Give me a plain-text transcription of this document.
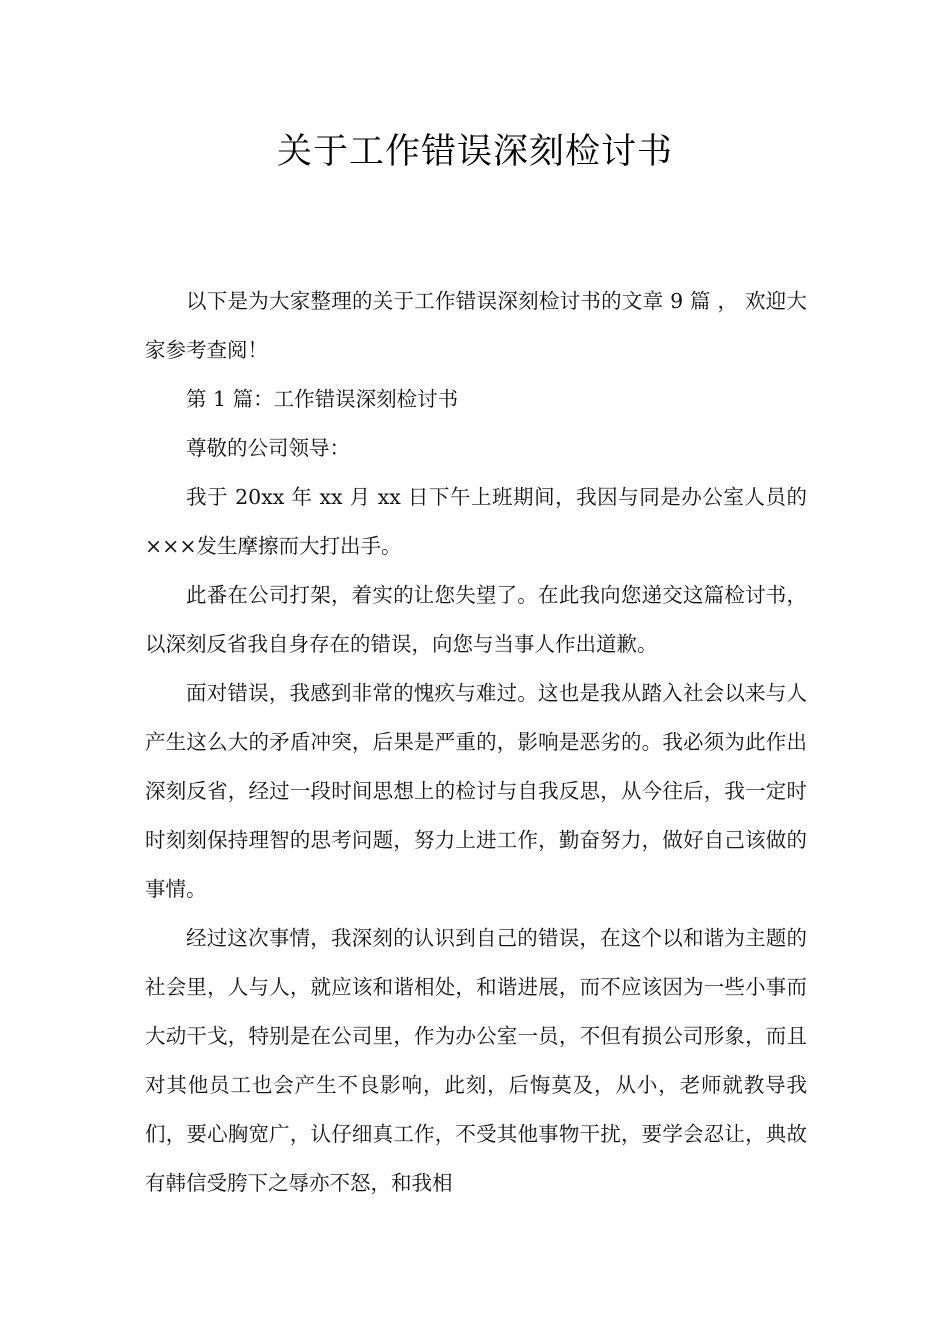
关于工作错误深刻检讨书

以下是为大家整理的关于工作错误深刻检讨书的文章 9 篇 ， 欢迎大家参考查阅！

第 1 篇：工作错误深刻检讨书

尊敬的公司领导：

我于 20xx 年 xx 月 xx 日下午上班期间，我因与同是办公室人员的×××发生摩擦而大打出手。

此番在公司打架，着实的让您失望了。在此我向您递交这篇检讨书，以深刻反省我自身存在的错误，向您与当事人作出道歉。

面对错误，我感到非常的愧疚与难过。这也是我从踏入社会以来与人产生这么大的矛盾冲突，后果是严重的，影响是恶劣的。我必须为此作出深刻反省，经过一段时间思想上的检讨与自我反思，从今往后，我一定时时刻刻保持理智的思考问题，努力上进工作，勤奋努力，做好自己该做的事情。

经过这次事情，我深刻的认识到自己的错误，在这个以和谐为主题的社会里，人与人，就应该和谐相处，和谐进展，而不应该因为一些小事而大动干戈，特别是在公司里，作为办公室一员，不但有损公司形象，而且对其他员工也会产生不良影响，此刻，后悔莫及，从小，老师就教导我们，要心胸宽广，认仔细真工作，不受其他事物干扰，要学会忍让，典故有韩信受胯下之辱亦不怒，和我相
